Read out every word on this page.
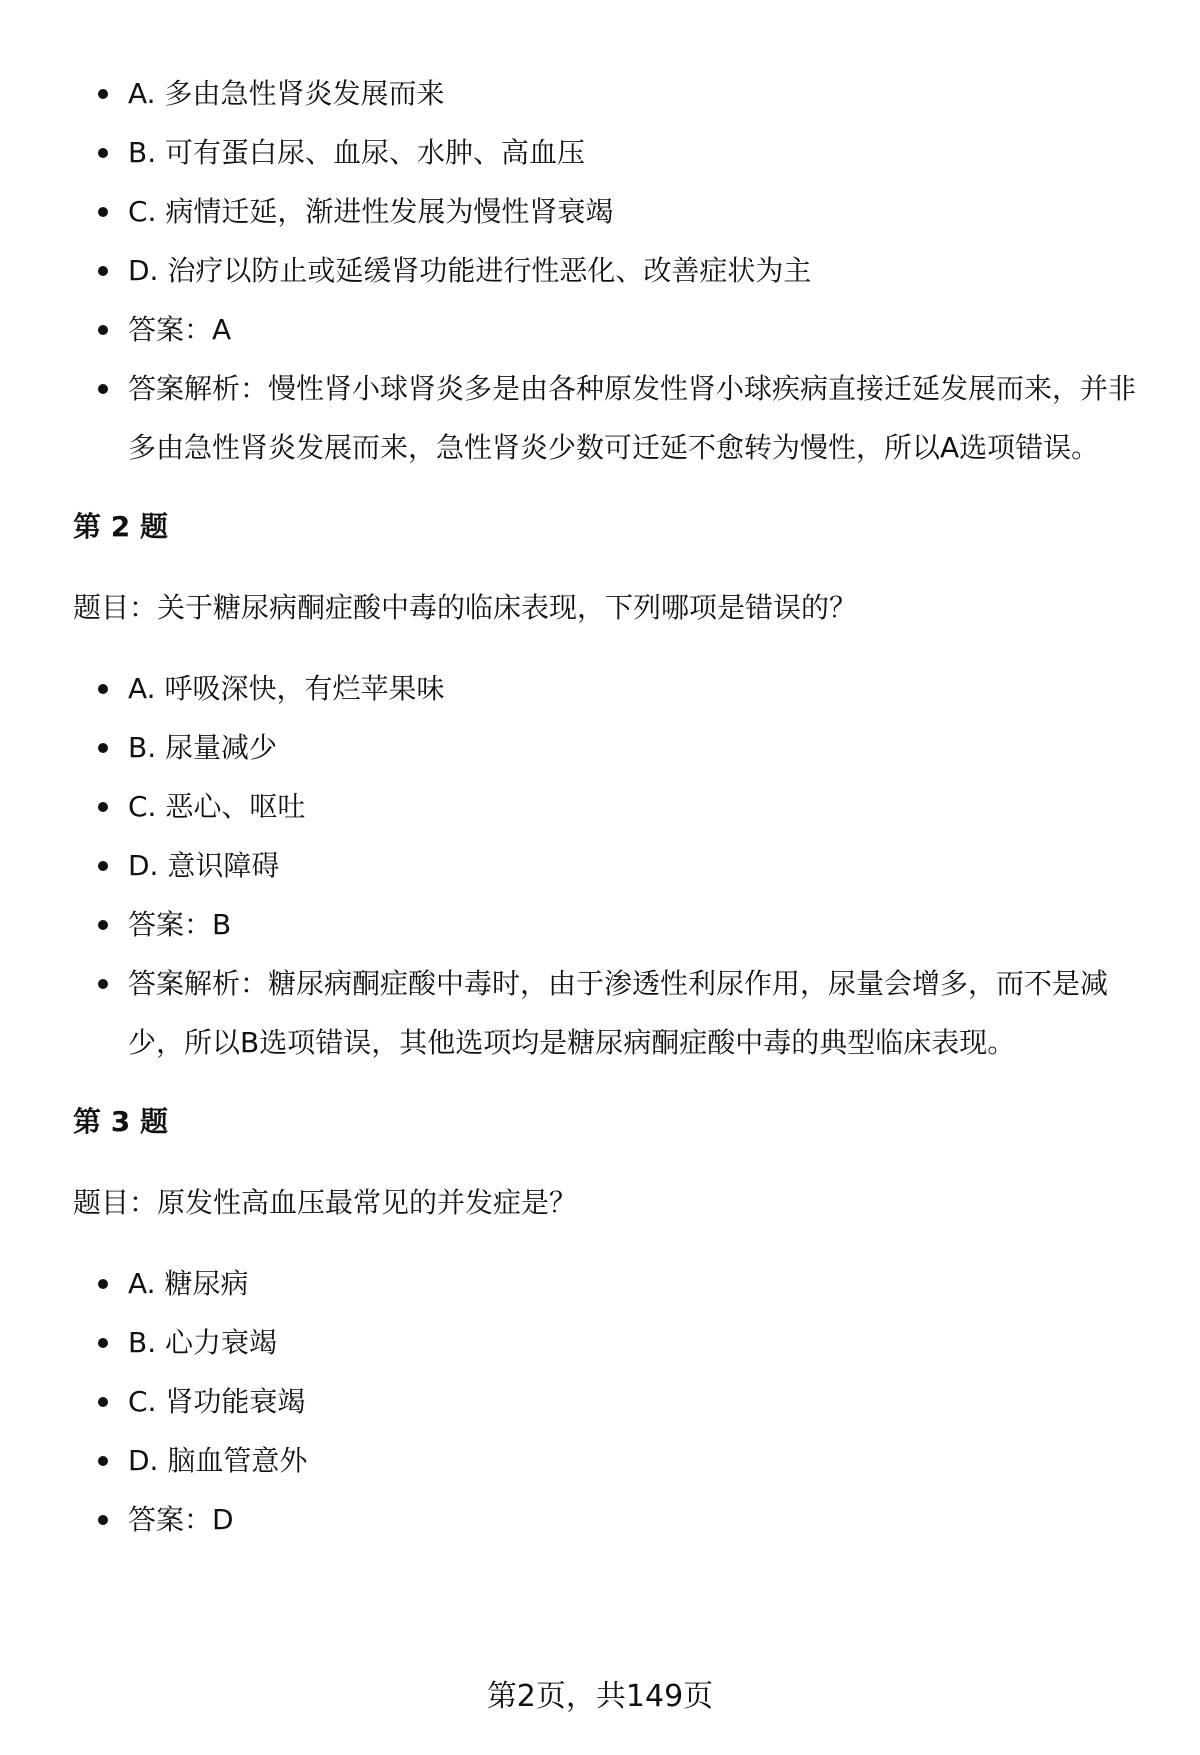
A. 多由急性肾炎发展而来
B. 可有蛋白尿、血尿、水肿、高血压
C. 病情迁延，渐进性发展为慢性肾衰竭
D. 治疗以防止或延缓肾功能进行性恶化、改善症状为主
答案：A
答案解析：慢性肾小球肾炎多是由各种原发性肾小球疾病直接迁延发展而来，并非多由急性肾炎发展而来，急性肾炎少数可迁延不愈转为慢性，所以A选项错误。

第 2 题

题目：关于糖尿病酮症酸中毒的临床表现，下列哪项是错误的？

A. 呼吸深快，有烂苹果味
B. 尿量减少
C. 恶心、呕吐
D. 意识障碍
答案：B
答案解析：糖尿病酮症酸中毒时，由于渗透性利尿作用，尿量会增多，而不是减少，所以B选项错误，其他选项均是糖尿病酮症酸中毒的典型临床表现。

第 3 题

题目：原发性高血压最常见的并发症是？

A. 糖尿病
B. 心力衰竭
C. 肾功能衰竭
D. 脑血管意外
答案：D
第2页，共149页
